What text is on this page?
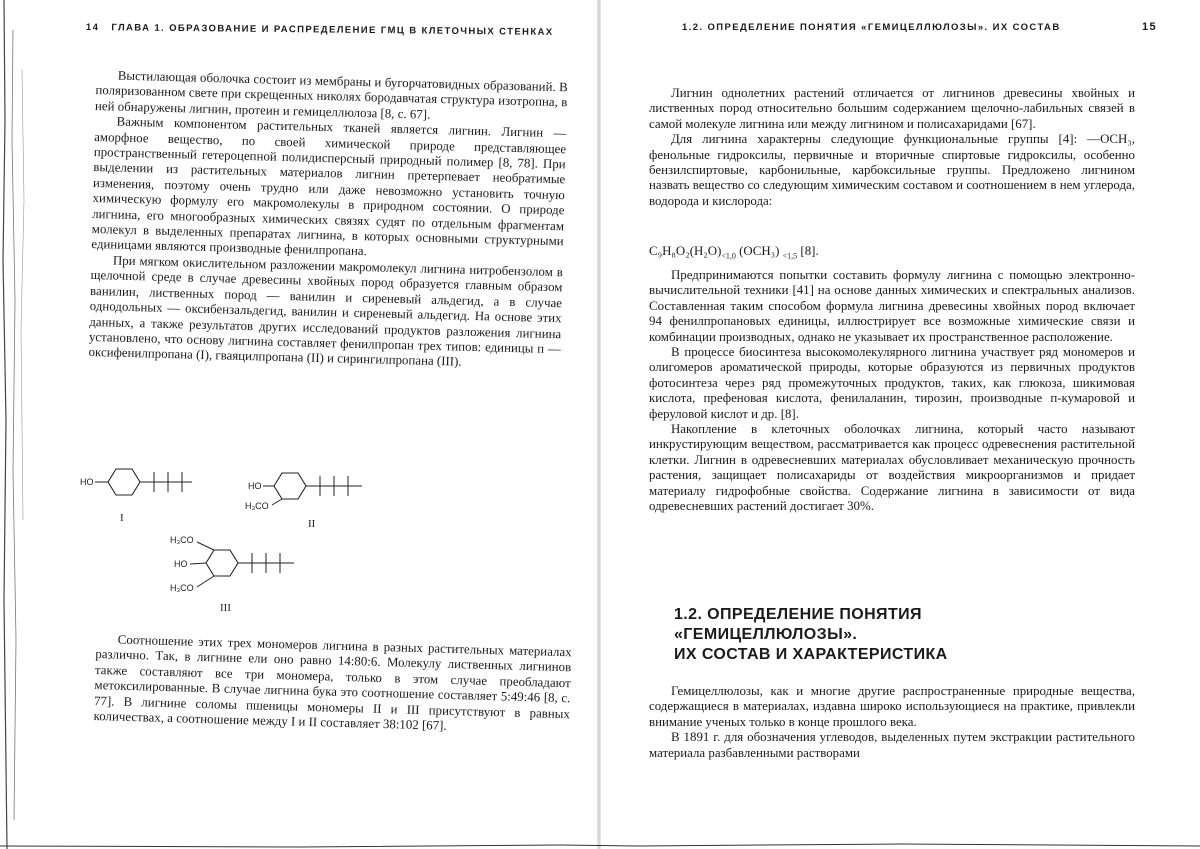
14 ГЛАВА 1. ОБРАЗОВАНИЕ И РАСПРЕДЕЛЕНИЕ ГМЦ В КЛЕТОЧНЫХ СТЕНКАХ

Выстилающая оболочка состоит из мембраны и бугорчатовидных образований. В поляризованном свете при скрещенных николях бородавчатая структура изотропна, в ней обнаружены лигнин, протеин и гемицеллюлоза [8, с. 67].

Важным компонентом растительных тканей является лигнин. Лигнин — аморфное вещество, по своей химической природе представляющее пространственный гетероцепной полидисперсный природный полимер [8, 78]. При выделении из растительных материалов лигнин претерпевает необратимые изменения, поэтому очень трудно или даже невозможно установить точную химическую формулу его макромолекулы в природном состоянии. О природе лигнина, его многообразных химических связях судят по отдельным фрагментам молекул в выделенных препаратах лигнина, в которых основными структурными единицами являются производные фенилпропана.

При мягком окислительном разложении макромолекул лигнина нитробензолом в щелочной среде в случае древесины хвойных пород образуется главным образом ванилин, лиственных пород — ванилин и сиреневый альдегид, а в случае однодольных — оксибензальдегид, ванилин и сиреневый альдегид. На основе этих данных, а также результатов других исследований продуктов разложения лигнина установлено, что основу лигнина составляет фенилпропан трех типов: единицы п — оксифенилпропана (I), гваяцилпропана (II) и сирингилпропана (III).

HO
I
HO
H₃CO
II
H₃CO
HO
H₃CO
III

Соотношение этих трех мономеров лигнина в разных растительных материалах различно. Так, в лигнине ели оно равно 14:80:6. Молекулу лиственных лигнинов также составляют все три мономера, только в этом случае преобладают метоксилированные. В случае лигнина бука это соотношение составляет 5:49:46 [8, с. 77]. В лигнине соломы пшеницы мономеры II и III присутствуют в равных количествах, а соотношение между I и II составляет 38:102 [67].

1.2. ОПРЕДЕЛЕНИЕ ПОНЯТИЯ «ГЕМИЦЕЛЛЮЛОЗЫ». ИХ СОСТАВ	15

Лигнин однолетних растений отличается от лигнинов древесины хвойных и лиственных пород относительно большим содержанием щелочно-лабильных связей в самой молекуле лигнина или между лигнином и полисахаридами [67].

Для лигнина характерны следующие функциональные группы [4]: —OCH₃, фенольные гидроксилы, первичные и вторичные спиртовые гидроксилы, особенно бензилспиртовые, карбонильные, карбоксильные группы. Предложено лигнином назвать вещество со следующим химическим составом и соотношением в нем углерода, водорода и кислорода:

$C_9H_8O_2(H_2O)_{<1,0}$ (OCH₃) $_{<1,5}$ [8].

Предпринимаются попытки составить формулу лигнина с помощью электронно-вычислительной техники [41] на основе данных химических и спектральных анализов. Составленная таким способом формула лигнина древесины хвойных пород включает 94 фенилпропановых единицы, иллюстрирует все возможные химические связи и комбинации производных, однако не указывает их пространственное расположение.

В процессе биосинтеза высокомолекулярного лигнина участвует ряд мономеров и олигомеров ароматической природы, которые образуются из первичных продуктов фотосинтеза через ряд промежуточных продуктов, таких, как глюкоза, шикимовая кислота, префеновая кислота, фенилаланин, тирозин, производные п-кумаровой и феруловой кислот и др. [8].

Накопление в клеточных оболочках лигнина, который часто называют инкрустирующим веществом, рассматривается как процесс одревеснения растительной клетки. Лигнин в одревесневших материалах обусловливает механическую прочность растения, защищает полисахариды от воздействия микроорганизмов и придает материалу гидрофобные свойства. Содержание лигнина в зависимости от вида одревесневших растений достигает 30%.

1.2. ОПРЕДЕЛЕНИЕ ПОНЯТИЯ
«ГЕМИЦЕЛЛЮЛОЗЫ».
ИХ СОСТАВ И ХАРАКТЕРИСТИКА

Гемицеллюлозы, как и многие другие распространенные природные вещества, содержащиеся в материалах, издавна широко использующиеся на практике, привлекли внимание ученых только в конце прошлого века.

В 1891 г. для обозначения углеводов, выделенных путем экстракции растительного материала разбавленными растворами
